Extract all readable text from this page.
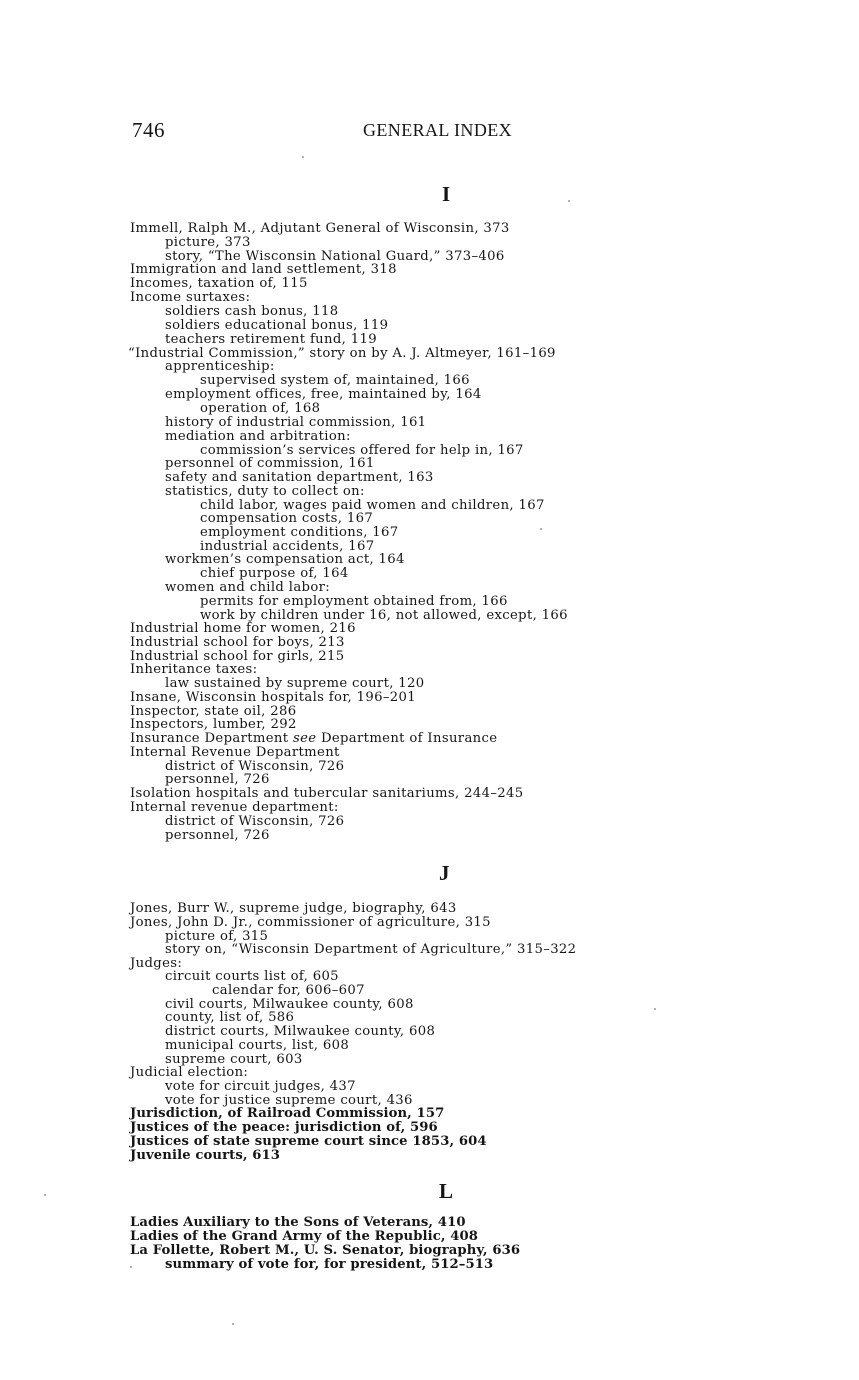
746	GENERAL INDEX
I
Immell, Ralph M., Adjutant General of Wisconsin, 373
picture, 373
story, “The Wisconsin National Guard,” 373–406
Immigration and land settlement, 318
Incomes, taxation of, 115
Income surtaxes:
soldiers cash bonus, 118
soldiers educational bonus, 119
teachers retirement fund, 119
“Industrial Commission,” story on by A. J. Altmeyer, 161–169
apprenticeship:
supervised system of, maintained, 166
employment offices, free, maintained by, 164
operation of, 168
history of industrial commission, 161
mediation and arbitration:
commission’s services offered for help in, 167
personnel of commission, 161
safety and sanitation department, 163
statistics, duty to collect on:
child labor, wages paid women and children, 167
compensation costs, 167
employment conditions, 167
industrial accidents, 167
workmen’s compensation act, 164
chief purpose of, 164
women and child labor:
permits for employment obtained from, 166
work by children under 16, not allowed, except, 166
Industrial home for women, 216
Industrial school for boys, 213
Industrial school for girls, 215
Inheritance taxes:
law sustained by supreme court, 120
Insane, Wisconsin hospitals for, 196–201
Inspector, state oil, 286
Inspectors, lumber, 292
Insurance Department see Department of Insurance
Internal Revenue Department
district of Wisconsin, 726
personnel, 726
Isolation hospitals and tubercular sanitariums, 244–245
Internal revenue department:
district of Wisconsin, 726
personnel, 726
J
Jones, Burr W., supreme judge, biography, 643
Jones, John D. Jr., commissioner of agriculture, 315
picture of, 315
story on, “Wisconsin Department of Agriculture,” 315–322
Judges:
circuit courts list of, 605
calendar for, 606–607
civil courts, Milwaukee county, 608
county, list of, 586
district courts, Milwaukee county, 608
municipal courts, list, 608
supreme court, 603
Judicial election:
vote for circuit judges, 437
vote for justice supreme court, 436
Jurisdiction, of Railroad Commission, 157
Justices of the peace: jurisdiction of, 596
Justices of state supreme court since 1853, 604
Juvenile courts, 613
L
Ladies Auxiliary to the Sons of Veterans, 410
Ladies of the Grand Army of the Republic, 408
La Follette, Robert M., U. S. Senator, biography, 636
summary of vote for, for president, 512–513
